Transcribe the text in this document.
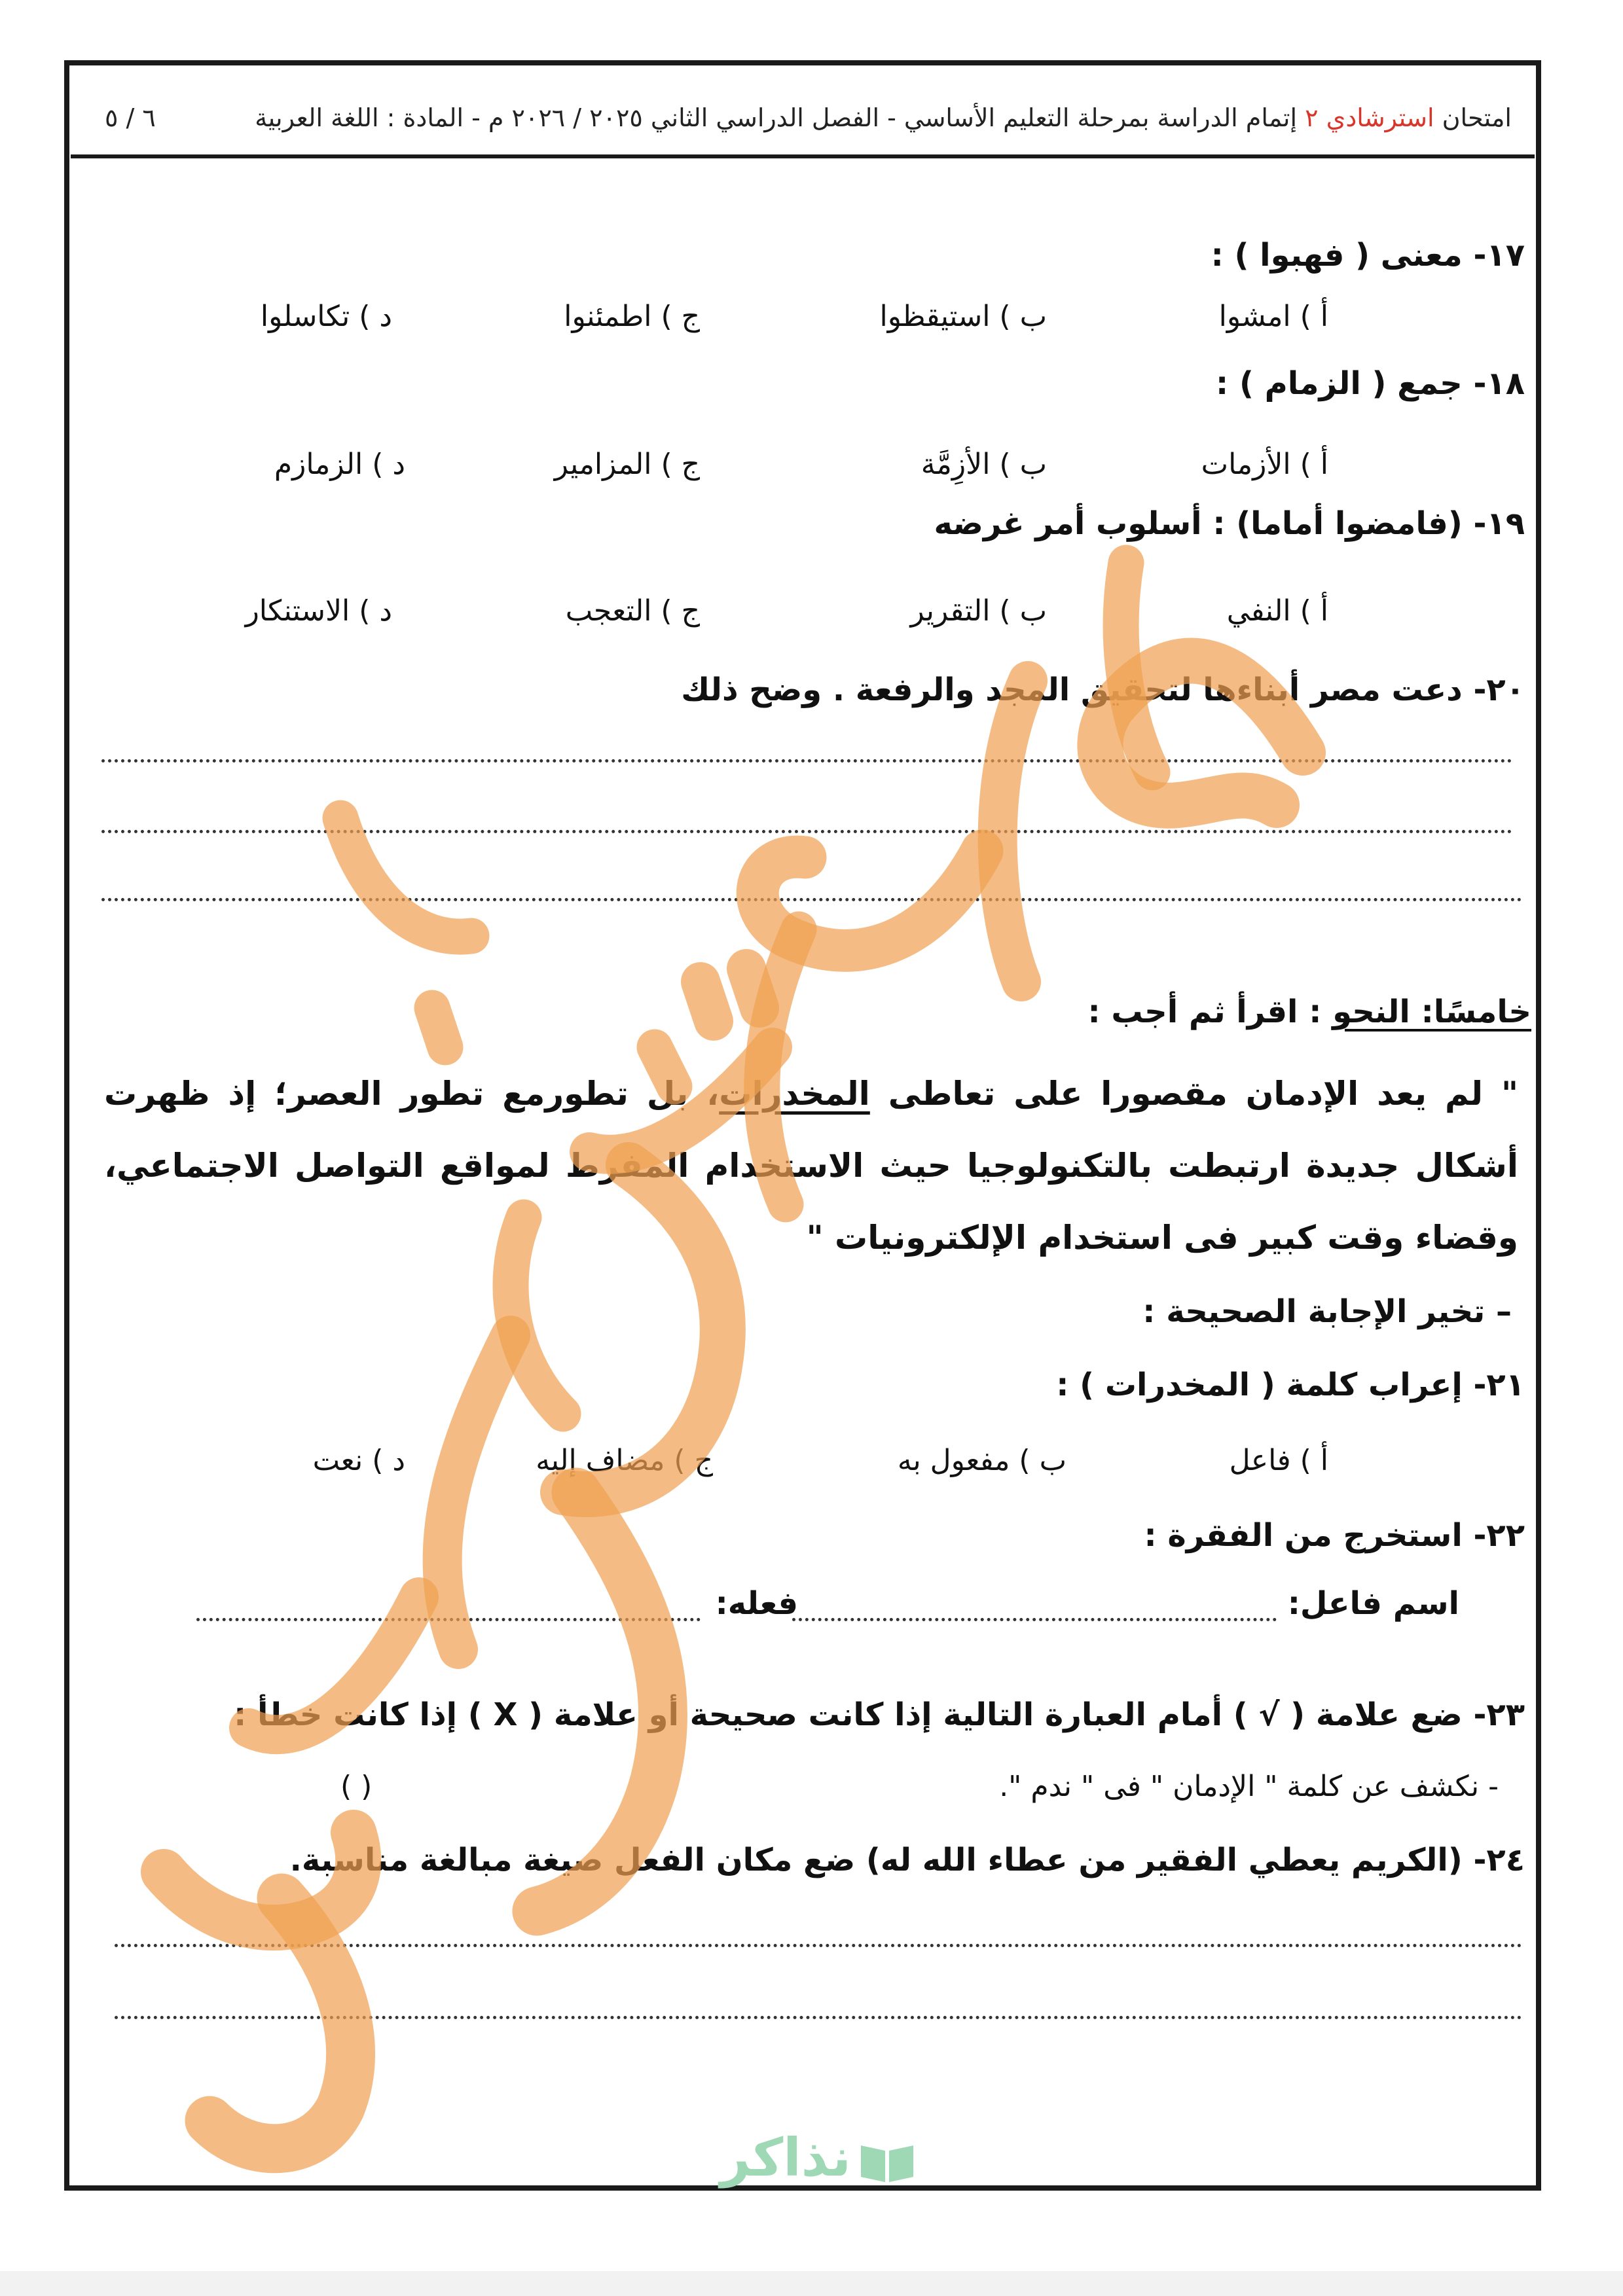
امتحان استرشادي ٢ إتمام الدراسة بمرحلة التعليم الأساسي - الفصل الدراسي الثاني ٢٠٢٥ / ٢٠٢٦ م - المادة : اللغة العربية
٦ / ٥
١٧- معنى ( فهبوا ) :
أ ) امشوا
ب ) استيقظوا
ج ) اطمئنوا
د ) تكاسلوا
١٨- جمع ( الزمام ) :
أ ) الأزمات
ب ) الأزِمَّة
ج ) المزامير
د ) الزمازم
١٩- (فامضوا أماما) : أسلوب أمر غرضه
أ ) النفي
ب ) التقرير
ج ) التعجب
د ) الاستنكار
٢٠- دعت مصر أبناءها لتحقيق المجد والرفعة . وضح ذلك
خامسًا: النحو : اقرأ ثم أجب :
" لم يعد الإدمان مقصورا على تعاطى المخدرات، بل تطورمع تطور العصر؛ إذ ظهرت أشكال جديدة ارتبطت بالتكنولوجيا حيث الاستخدام المفرط لمواقع التواصل الاجتماعي، وقضاء وقت كبير فى استخدام الإلكترونيات "
– تخير الإجابة الصحيحة :
٢١- إعراب كلمة ( المخدرات ) :
أ ) فاعل
ب ) مفعول به
ج ) مضاف إليه
د ) نعت
٢٢- استخرج من الفقرة :
اسم فاعل:
فعله:
٢٣- ضع علامة ( √ ) أمام العبارة التالية إذا كانت صحيحة أو علامة ( X ) إذا كانت خطأ :
- نكشف عن كلمة " الإدمان " فى " ندم ".
( )
٢٤- (الكريم يعطي الفقير من عطاء الله له) ضع مكان الفعل صيغة مبالغة مناسبة.
نذاكر
